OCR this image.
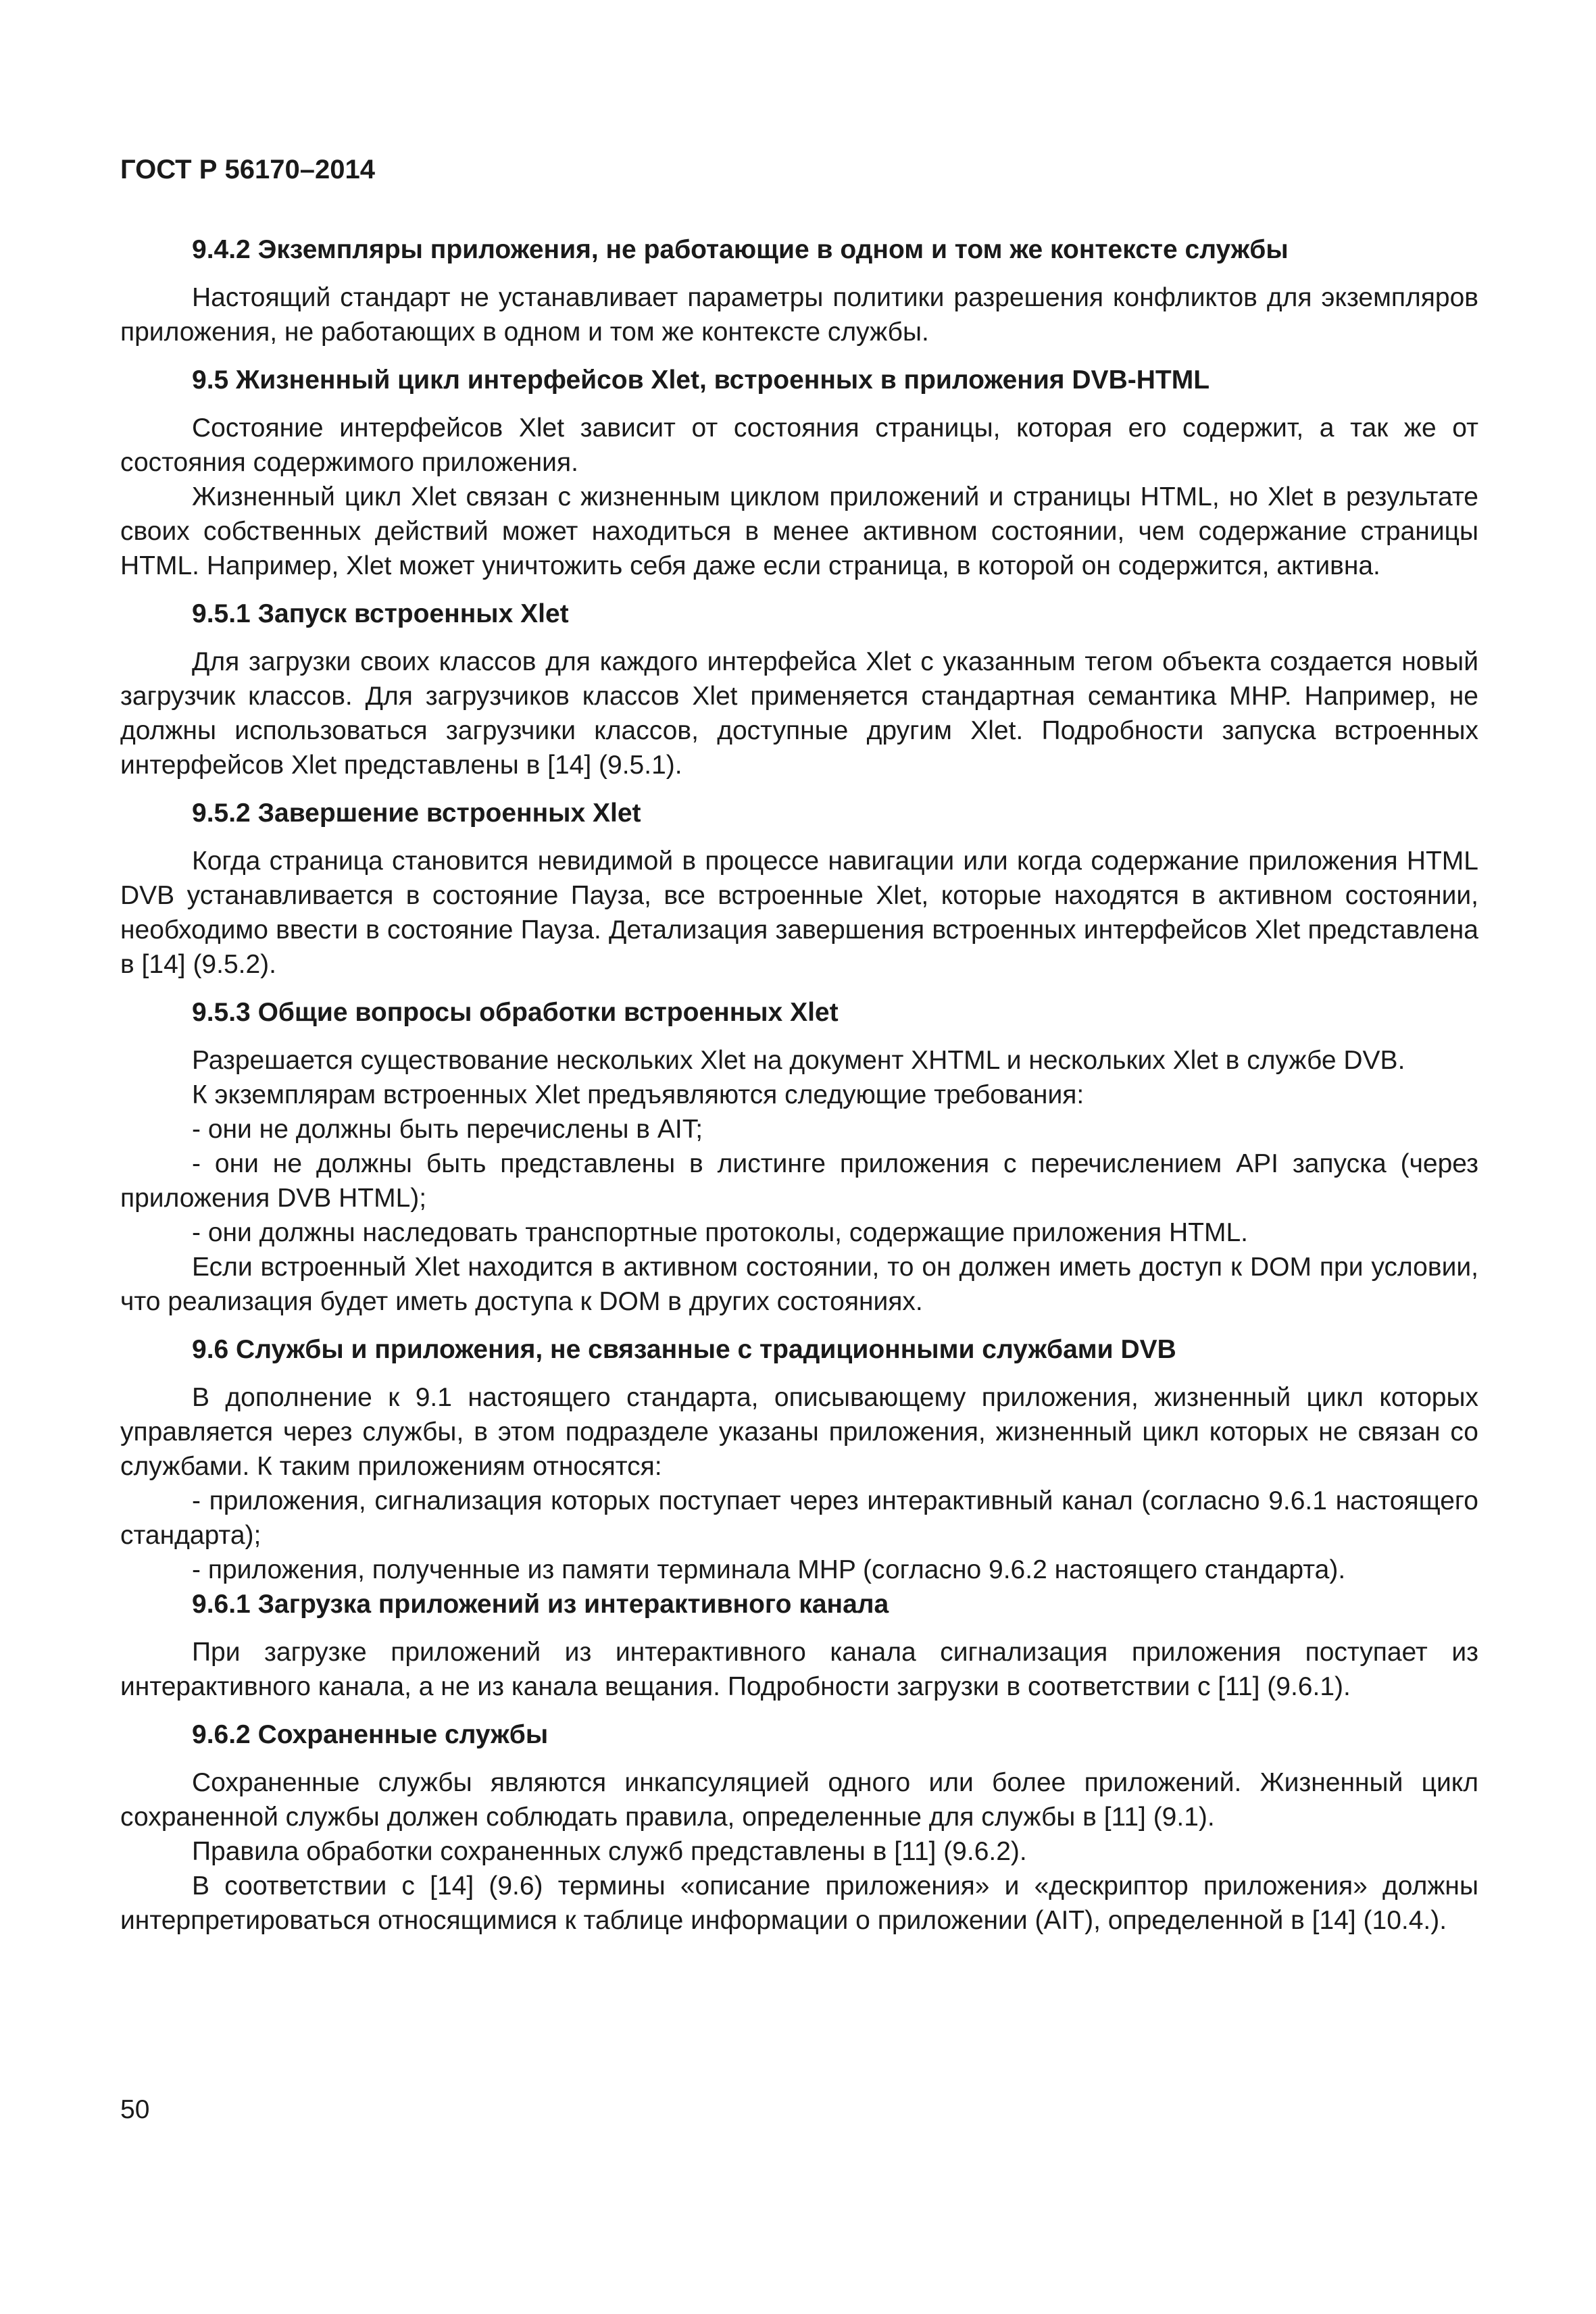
ГОСТ Р 56170–2014
9.4.2 Экземпляры приложения, не работающие в одном и том же контексте службы

Настоящий стандарт не устанавливает параметры политики разрешения конфликтов для экземпляров приложения, не работающих в одном и том же контексте службы.

9.5 Жизненный цикл интерфейсов Xlet, встроенных в приложения DVB-HTML

Состояние интерфейсов Xlet зависит от состояния страницы, которая его содержит, а так же от состояния содержимого приложения.

Жизненный цикл Xlet связан с жизненным циклом приложений и страницы HTML, но Xlet в результате своих собственных действий может находиться в менее активном состоянии, чем содержание страницы HTML. Например, Xlet может уничтожить себя даже если страница, в которой он содержится, активна.

9.5.1 Запуск встроенных Xlet

Для загрузки своих классов для каждого интерфейса Xlet с указанным тегом объекта создается новый загрузчик классов. Для загрузчиков классов Xlet применяется стандартная семантика MHP. Например, не должны использоваться загрузчики классов, доступные другим Xlet. Подробности запуска встроенных интерфейсов Xlet представлены в [14] (9.5.1).

9.5.2 Завершение встроенных Xlet

Когда страница становится невидимой в процессе навигации или когда содержание приложения HTML DVB устанавливается в состояние Пауза, все встроенные Xlet, которые находятся в активном состоянии, необходимо ввести в состояние Пауза. Детализация завершения встроенных интерфейсов Xlet представлена в [14] (9.5.2).

9.5.3 Общие вопросы обработки встроенных Xlet

Разрешается существование нескольких Xlet на документ XHTML и нескольких Xlet в службе DVB.

К экземплярам встроенных Xlet предъявляются следующие требования:

- они не должны быть перечислены в AIT;

- они не должны быть представлены в листинге приложения с перечислением API запуска (через приложения DVB HTML);

- они должны наследовать транспортные протоколы, содержащие приложения HTML.

Если встроенный Xlet находится в активном состоянии, то он должен иметь доступ к DOM при условии, что реализация будет иметь доступа к DOM в других состояниях.

9.6 Службы и приложения, не связанные с традиционными службами DVB

В дополнение к 9.1 настоящего стандарта, описывающему приложения, жизненный цикл которых управляется через службы, в этом подразделе указаны приложения, жизненный цикл которых не связан со службами. К таким приложениям относятся:

- приложения, сигнализация которых поступает через интерактивный канал (согласно 9.6.1 настоящего стандарта);

- приложения, полученные из памяти терминала MHP (согласно 9.6.2 настоящего стандарта).

9.6.1 Загрузка приложений из интерактивного канала

При загрузке приложений из интерактивного канала сигнализация приложения поступает из интерактивного канала, а не из канала вещания. Подробности загрузки в соответствии с [11] (9.6.1).

9.6.2 Сохраненные службы

Сохраненные службы являются инкапсуляцией одного или более приложений. Жизненный цикл сохраненной службы должен соблюдать правила, определенные для службы в [11] (9.1).

Правила обработки сохраненных служб представлены в [11] (9.6.2).

В соответствии с [14] (9.6) термины «описание приложения» и «дескриптор приложения» должны интерпретироваться относящимися к таблице информации о приложении (AIT), определенной в [14] (10.4.).

50
